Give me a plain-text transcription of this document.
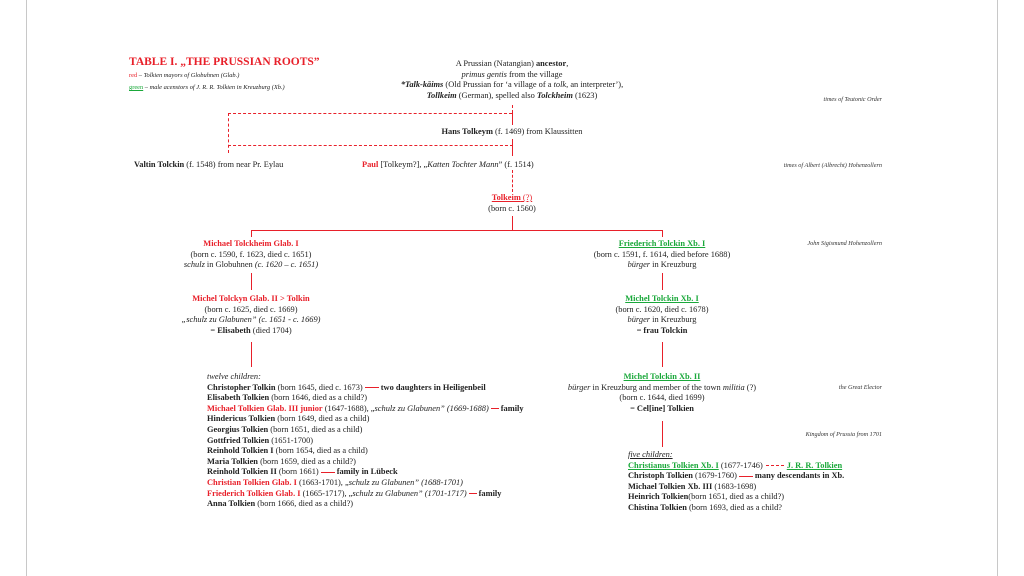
TABLE I. „THE PRUSSIAN ROOTS”
red – Tolkien mayors of Globuhnen (Glab.)
green – male acenstors of J. R. R. Tolkien in Kreuzburg (Xb.)
A Prussian (Natangian) ancestor,
primus gentis from the village
*Talk-kāims (Old Prussian for ‘a village of a tolk, an interpreter’),
Tollkeim (German), spelled also Tolckheim (1623)	times of Teutonic Order
times of Albert (Albrecht) Hohenzollern
John Sigismund Hohenzollern
the Great Elector
Kingdom of Prussia from 1701
Hans Tolkeym (f. 1469) from Klaussitten
Valtin Tolckin (f. 1548) from near Pr. Eylau	Paul [Tolkeym?], „Katten Tochter Mann” (f. 1514)
Tolkeim (?)
(born c. 1560)
Michael Tolckheim Glab. I
(born c. 1590, f. 1623, died c. 1651)
schulz in Globuhnen (c. 1620 – c. 1651)
Friederich Tolckin Xb. I
(born c. 1591, f. 1614, died before 1688)
bürger in Kreuzburg
Michel Tolckyn Glab. II > Tolkin
(born c. 1625, died c. 1669)
„schulz zu Glabunen” (c. 1651 - c. 1669)
= Elisabeth (died 1704)
Michel Tolckin Xb. I
(born c. 1620, died c. 1678)
bürger in Kreuzburg
= frau Tolckin
Michel Tolckin Xb. II
bürger in Kreuzburg and member of the town militia (?)
(born c. 1644, died 1699)
= Cel[ine] Tolkien
twelve children:
Christopher Tolkin (born 1645, died c. 1673) two daughters in Heiligenbeil
Elisabeth Tolkien (born 1646, died as a child?)
Michael Tolkien Glab. III junior (1647-1688), „schulz zu Glabunen” (1669-1688) family
Hindericus Tolkien (born 1649, died as a child)
Georgius Tolkien (born 1651, died as a child)
Gottfried Tolkien (1651-1700)
Reinhold Tolkien I (born 1654, died as a child)
Maria Tolkien (born 1659, died as a child?)
Reinhold Tolkien II (born 1661) family in Lübeck
Christian Tolkien Glab. I (1663-1701), „schulz zu Glabunen” (1688-1701)
Friederich Tolkien Glab. I (1665-1717), „schulz zu Glabunen” (1701-1717) family
Anna Tolkien (born 1666, died as a child?)
five children:
Christianus Tolkien Xb. I (1677-1746)	J. R. R. Tolkien
Christoph Tolkien (1679-1760) many descendants in Xb.
Michael Tolkien Xb. III (1683-1698)
Heinrich Tolkien(born 1651, died as a child?)
Chistina Tolkien (born 1693, died as a child?
